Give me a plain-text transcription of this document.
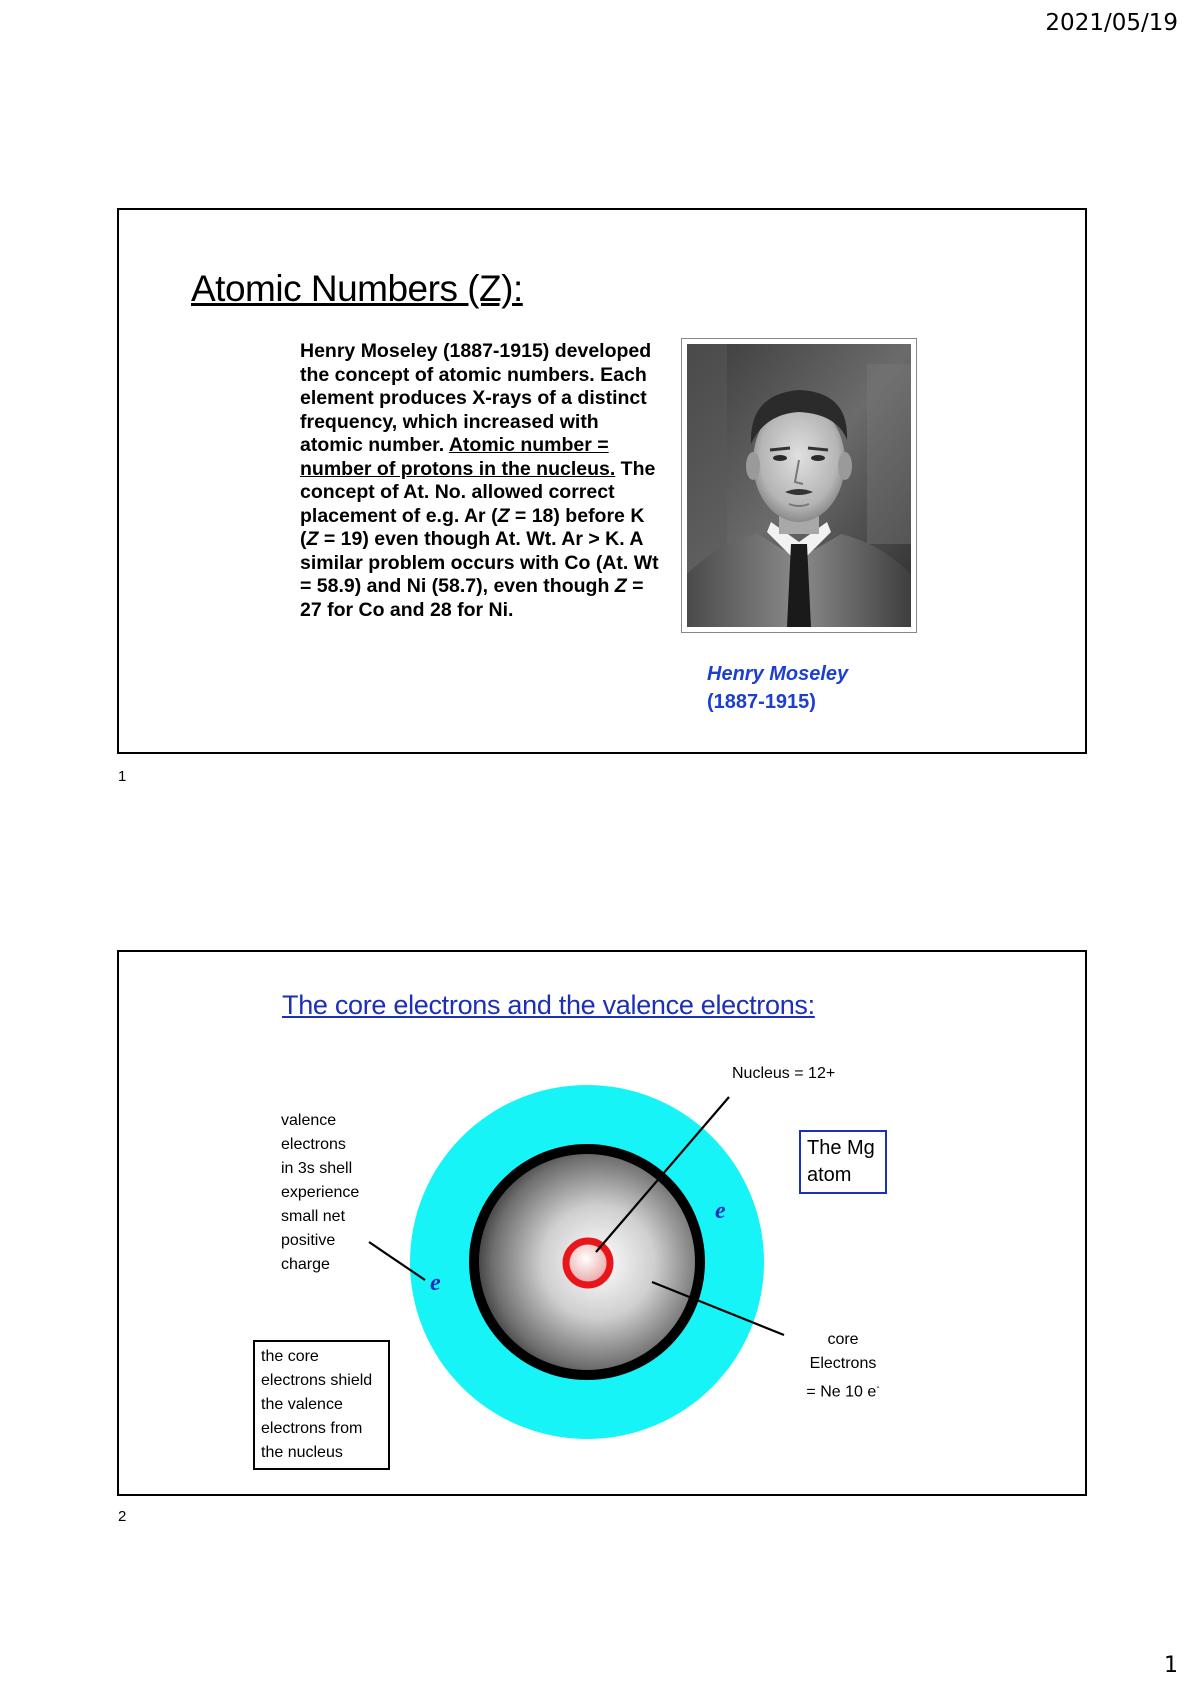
2021/05/19
Atomic Numbers (Z):
Henry Moseley (1887-1915) developed the concept of atomic numbers. Each element produces X-rays of a distinct frequency, which increased with atomic number. Atomic number = number of protons in the nucleus. The concept of At. No. allowed correct placement of e.g. Ar (Z = 18) before K (Z = 19) even though At. Wt. Ar > K. A similar problem occurs with Co (At. Wt = 58.9) and Ni (58.7), even though Z = 27 for Co and 28 for Ni.
Henry Moseley
(1887-1915)
1
The core electrons and the valence electrons:
Nucleus = 12+
valence
electrons
in 3s shell
experience
small net
positive
charge
The Mg
atom
the core
electrons shield
the valence
electrons from
the nucleus
core
Electrons
= Ne 10 e-
e
e
2
1
